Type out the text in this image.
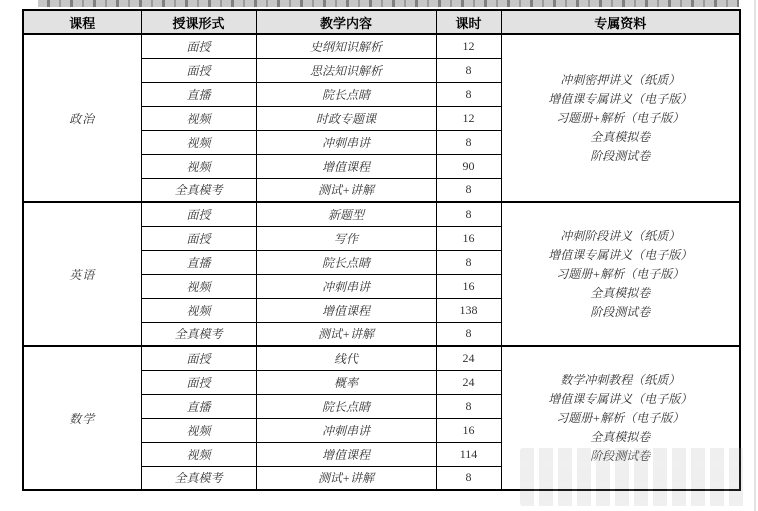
课程	授课形式	教学内容	课时	专属资料
政治	面授	史纲知识解析	12	冲刺密押讲义（纸质）
增值课专属讲义（电子版）
习题册+解析（电子版）
全真模拟卷
阶段测试卷

	面授	思法知识解析	8	
	直播	院长点睛	8	
	视频	时政专题课	12	
	视频	冲刺串讲	8	
	视频	增值课程	90	
	全真模考	测试+讲解	8	
英语	面授	新题型	8	冲刺阶段讲义（纸质）
增值课专属讲义（电子版）
习题册+解析（电子版）
全真模拟卷
阶段测试卷

	面授	写作	16	
	直播	院长点睛	8	
	视频	冲刺串讲	16	
	视频	增值课程	138	
	全真模考	测试+讲解	8	
数学	面授	线代	24	数学冲刺教程（纸质）
增值课专属讲义（电子版）
习题册+解析（电子版）
全真模拟卷
阶段测试卷

	面授	概率	24	
	直播	院长点睛	8	
	视频	冲刺串讲	16	
	视频	增值课程	114	
	全真模考	测试+讲解	8	
